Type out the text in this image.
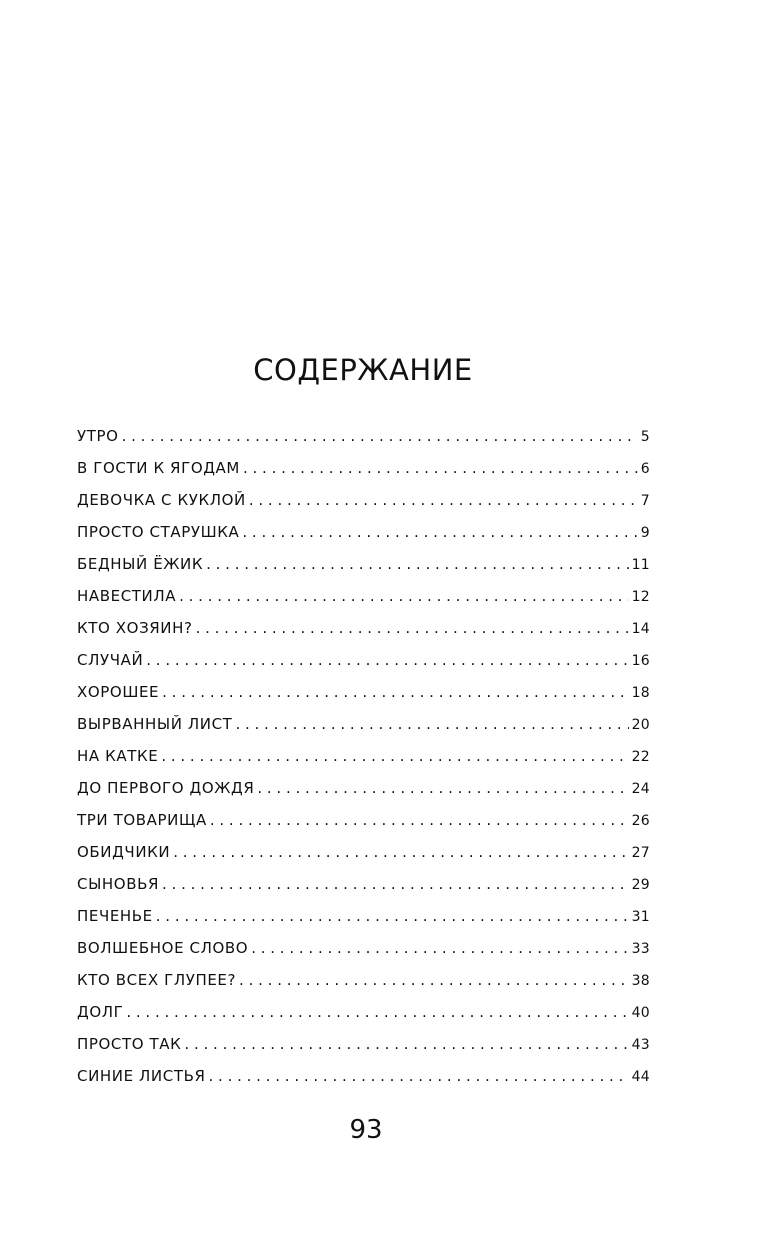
СОДЕРЖАНИЕ
УТРО . . .	5
В ГОСТИ К ЯГОДАМ . . .	6
ДЕВОЧКА С КУКЛОЙ . . .	7
ПРОСТО СТАРУШКА . . .	9
БЕДНЫЙ ЁЖИК . . .	11
НАВЕСТИЛА . . .	12
КТО ХОЗЯИН? . . .	14
СЛУЧАЙ . . .	16
ХОРОШЕЕ . . .	18
ВЫРВАННЫЙ ЛИСТ . . .	20
НА КАТКЕ . . .	22
ДО ПЕРВОГО ДОЖДЯ . . .	24
ТРИ ТОВАРИЩА . . .	26
ОБИДЧИКИ . . .	27
СЫНОВЬЯ . . .	29
ПЕЧЕНЬЕ . . .	31
ВОЛШЕБНОЕ СЛОВО . . .	33
КТО ВСЕХ ГЛУПЕЕ? . . .	38
ДОЛГ . . .	40
ПРОСТО ТАК . . .	43
СИНИЕ ЛИСТЬЯ . . .	44
93
